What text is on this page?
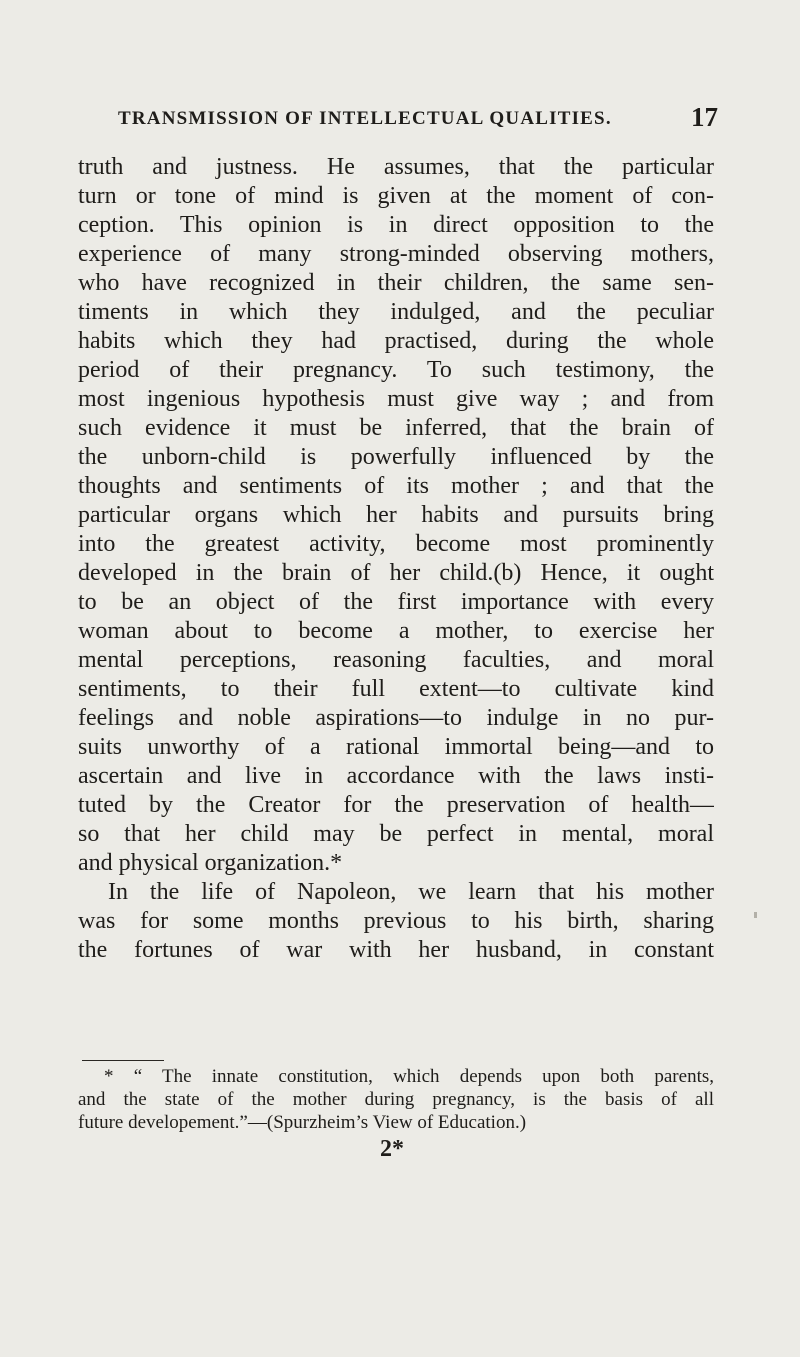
TRANSMISSION OF INTELLECTUAL QUALITIES.	17
truth and justness. He assumes, that the particular
turn or tone of mind is given at the moment of con-
ception. This opinion is in direct opposition to the
experience of many strong-minded observing mothers,
who have recognized in their children, the same sen-
timents in which they indulged, and the peculiar
habits which they had practised, during the whole
period of their pregnancy. To such testimony, the
most ingenious hypothesis must give way ; and from
such evidence it must be inferred, that the brain of
the unborn-child is powerfully influenced by the
thoughts and sentiments of its mother ; and that the
particular organs which her habits and pursuits bring
into the greatest activity, become most prominently
developed in the brain of her child.(b) Hence, it ought
to be an object of the first importance with every
woman about to become a mother, to exercise her
mental perceptions, reasoning faculties, and moral
sentiments, to their full extent—to cultivate kind
feelings and noble aspirations—to indulge in no pur-
suits unworthy of a rational immortal being—and to
ascertain and live in accordance with the laws insti-
tuted by the Creator for the preservation of health—
so that her child may be perfect in mental, moral
and physical organization.*
In the life of Napoleon, we learn that his mother
was for some months previous to his birth, sharing
the fortunes of war with her husband, in constant
* “ The innate constitution, which depends upon both parents,
and the state of the mother during pregnancy, is the basis of all
future developement.”—(Spurzheim’s View of Education.)
2*
